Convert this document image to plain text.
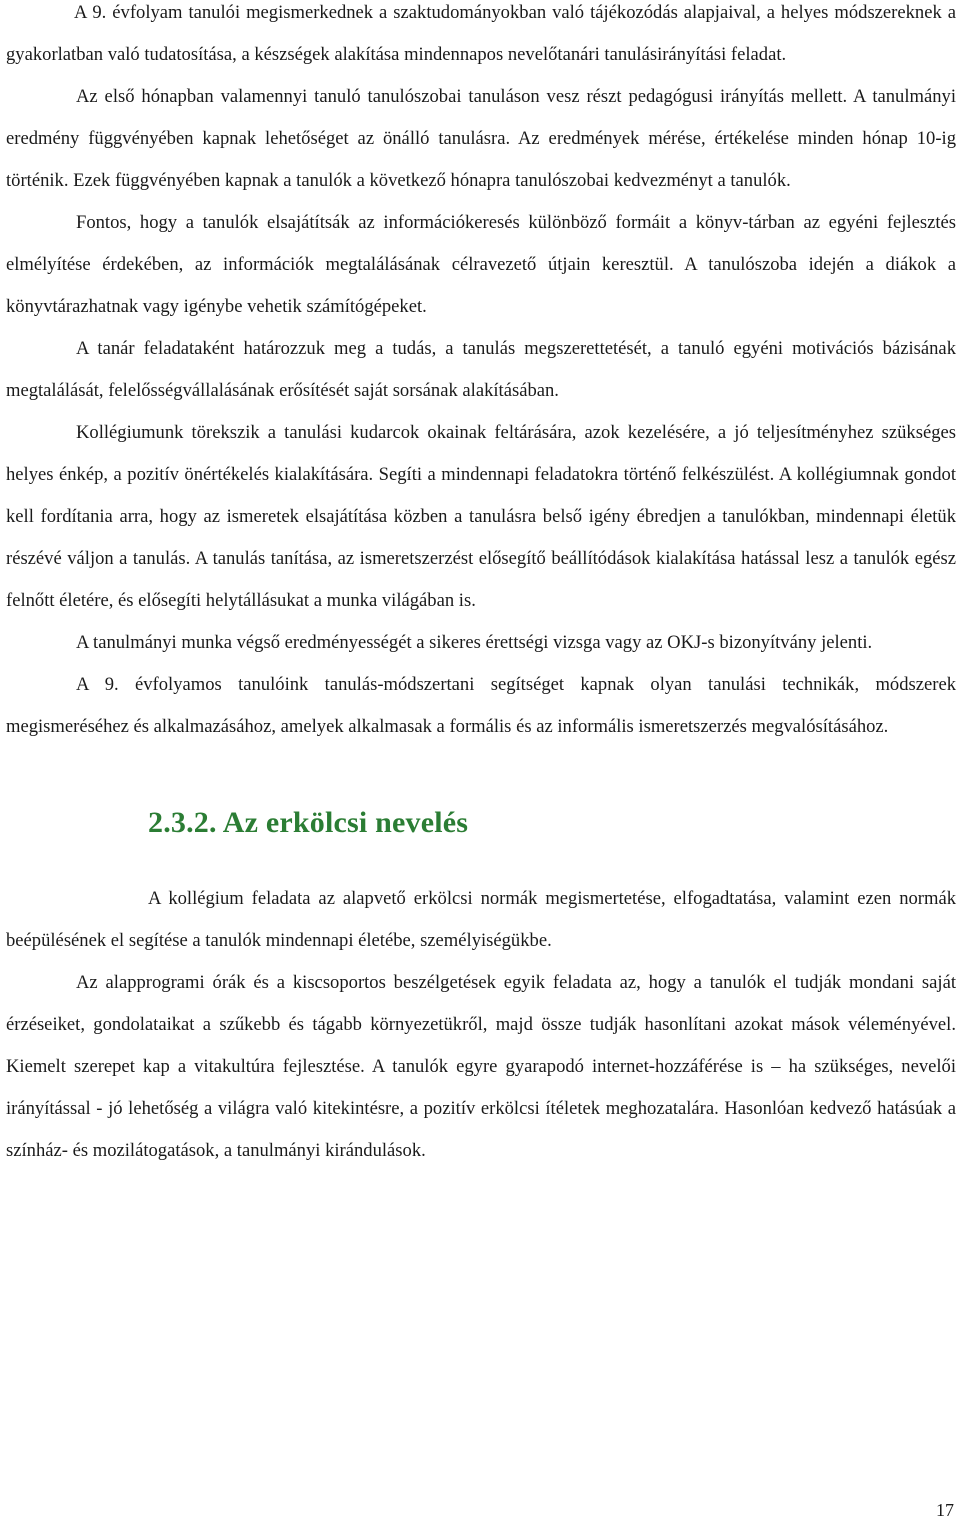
A 9. évfolyam tanulói megismerkednek a szaktudományokban való tájékozódás alapjaival, a helyes módszereknek a gyakorlatban való tudatosítása, a készségek alakítása mindennapos nevelőtanári tanulásirányítási feladat.

Az első hónapban valamennyi tanuló tanulószobai tanuláson vesz részt pedagógusi irányítás mellett. A tanulmányi eredmény függvényében kapnak lehetőséget az önálló tanulásra. Az eredmények mérése, értékelése minden hónap 10-ig történik. Ezek függvényében kapnak a tanulók a következő hónapra tanulószobai kedvezményt a tanulók.

Fontos, hogy a tanulók elsajátítsák az információkeresés különböző formáit a könyv-tárban az egyéni fejlesztés elmélyítése érdekében, az információk megtalálásának célravezető útjain keresztül. A tanulószoba idején a diákok a könyvtárazhatnak vagy igénybe vehetik számítógépeket.

A tanár feladataként határozzuk meg a tudás, a tanulás megszerettetését, a tanuló egyéni motivációs bázisának megtalálását, felelősségvállalásának erősítését saját sorsának alakításában.

Kollégiumunk törekszik a tanulási kudarcok okainak feltárására, azok kezelésére, a jó teljesítményhez szükséges helyes énkép, a pozitív önértékelés kialakítására. Segíti a mindennapi feladatokra történő felkészülést. A kollégiumnak gondot kell fordítania arra, hogy az ismeretek elsajátítása közben a tanulásra belső igény ébredjen a tanulókban, mindennapi életük részévé váljon a tanulás. A tanulás tanítása, az ismeretszerzést elősegítő beállítódások kialakítása hatással lesz a tanulók egész felnőtt életére, és elősegíti helytállásukat a munka világában is.

A tanulmányi munka végső eredményességét a sikeres érettségi vizsga vagy az OKJ-s bizonyítvány jelenti.

A 9. évfolyamos tanulóink tanulás-módszertani segítséget kapnak olyan tanulási technikák, módszerek megismeréséhez és alkalmazásához, amelyek alkalmasak a formális és az informális ismeretszerzés megvalósításához.

2.3.2. Az erkölcsi nevelés

A kollégium feladata az alapvető erkölcsi normák megismertetése, elfogadtatása, valamint ezen normák beépülésének el segítése a tanulók mindennapi életébe, személyiségükbe.

Az alapprogrami órák és a kiscsoportos beszélgetések egyik feladata az, hogy a tanulók el tudják mondani saját érzéseiket, gondolataikat a szűkebb és tágabb környezetükről, majd össze tudják hasonlítani azokat mások véleményével. Kiemelt szerepet kap a vitakultúra fejlesztése. A tanulók egyre gyarapodó internet-hozzáférése is – ha szükséges, nevelői irányítással - jó lehetőség a világra való kitekintésre, a pozitív erkölcsi ítéletek meghozatalára. Hasonlóan kedvező hatásúak a színház- és mozilátogatások, a tanulmányi kirándulások.

17
